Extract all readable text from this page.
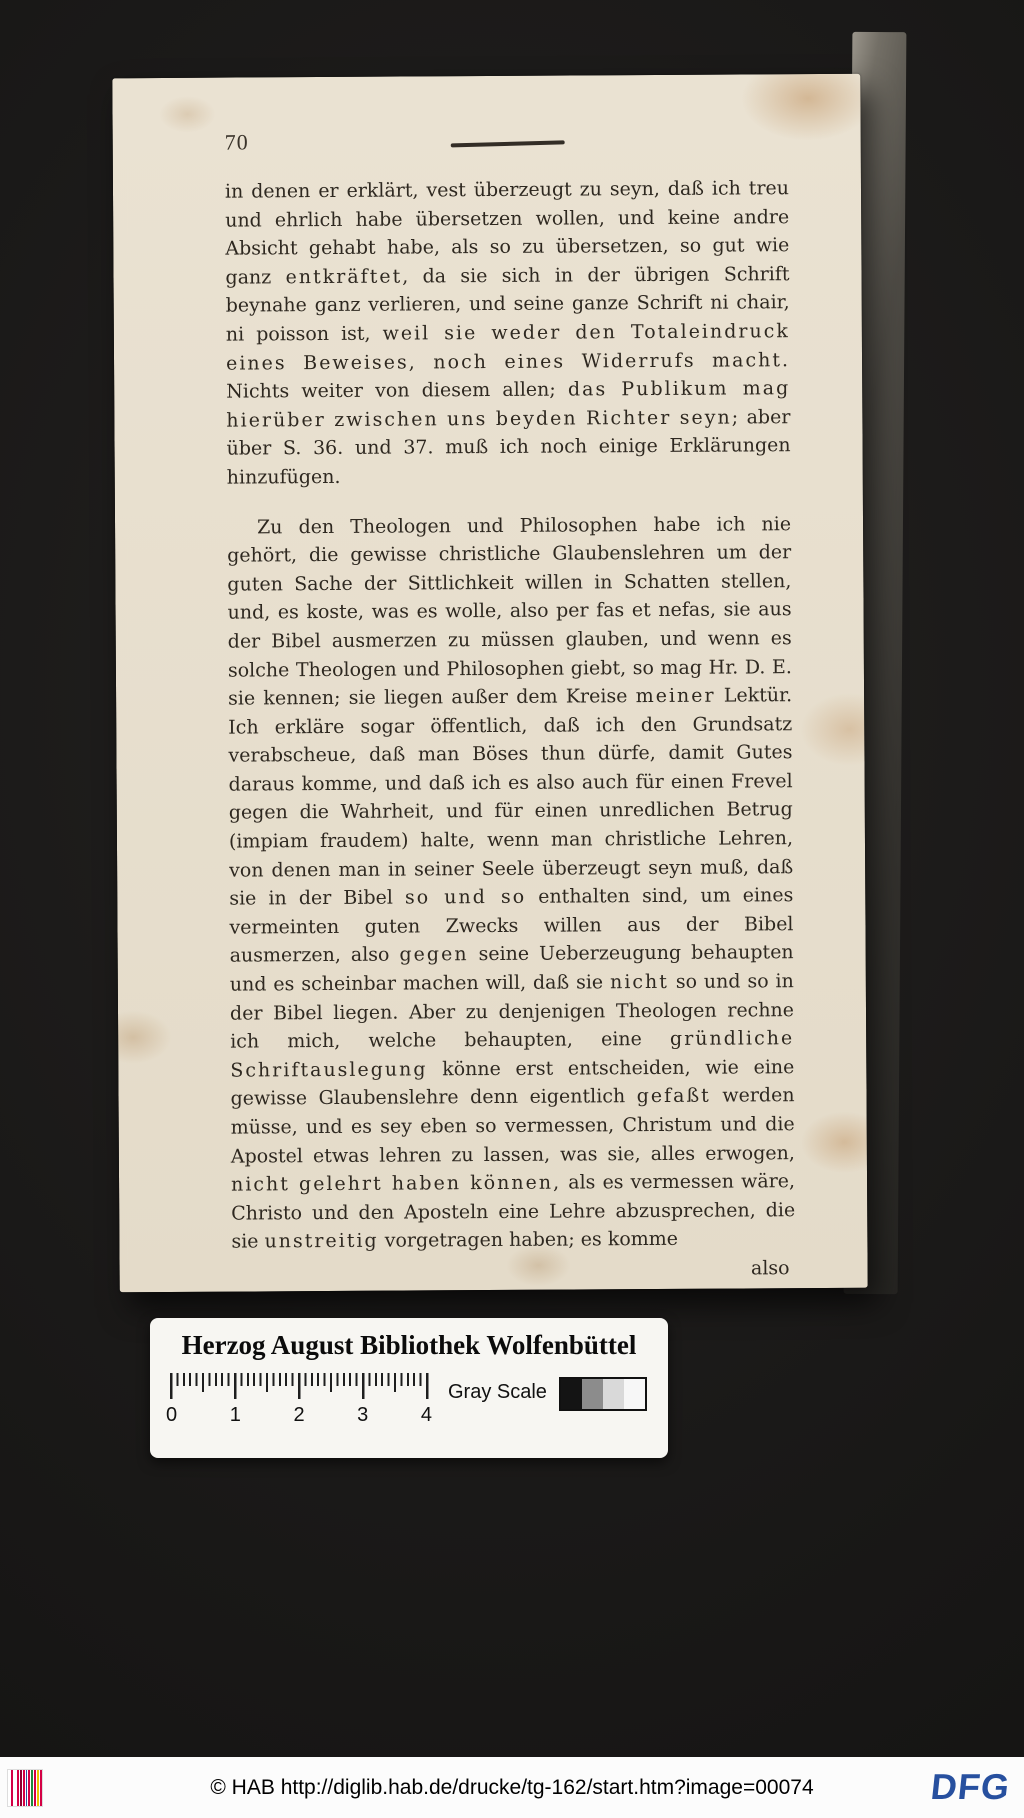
70

in denen er erklärt, vest überzeugt zu seyn, daß ich treu und ehrlich habe übersetzen wollen, und keine andre Absicht gehabt habe, als so zu übersetzen, so gut wie ganz entkräftet, da sie sich in der übrigen Schrift beynahe ganz verlieren, und seine ganze Schrift ni chair, ni poisson ist, weil sie weder den Totaleindruck eines Beweises, noch eines Widerrufs macht. Nichts weiter von diesem allen; das Publikum mag hierüber zwischen uns beyden Richter seyn; aber über S. 36. und 37. muß ich noch einige Erklärungen hinzufügen.

Zu den Theologen und Philosophen habe ich nie gehört, die gewisse christliche Glaubenslehren um der guten Sache der Sittlichkeit willen in Schatten stellen, und, es koste, was es wolle, also per fas et nefas, sie aus der Bibel ausmerzen zu müssen glauben, und wenn es solche Theologen und Philosophen giebt, so mag Hr. D. E. sie kennen; sie liegen außer dem Kreise meiner Lektür. Ich erkläre sogar öffentlich, daß ich den Grundsatz verabscheue, daß man Böses thun dürfe, damit Gutes daraus komme, und daß ich es also auch für einen Frevel gegen die Wahrheit, und für einen unredlichen Betrug (impiam fraudem) halte, wenn man christliche Lehren, von denen man in seiner Seele überzeugt seyn muß, daß sie in der Bibel so und so enthalten sind, um eines vermeinten guten Zwecks willen aus der Bibel ausmerzen, also gegen seine Ueberzeugung behaupten und es scheinbar machen will, daß sie nicht so und so in der Bibel liegen. Aber zu denjenigen Theologen rechne ich mich, welche behaupten, eine gründliche Schriftauslegung könne erst entscheiden, wie eine gewisse Glaubenslehre denn eigentlich gefaßt werden müsse, und es sey eben so vermessen, Christum und die Apostel etwas lehren zu lassen, was sie, alles erwogen, nicht gelehrt haben können, als es vermessen wäre, Christo und den Aposteln eine Lehre abzusprechen, die sie unstreitig vorgetragen haben; es komme

also
Herzog August Bibliothek Wolfenbüttel
0	1	2	3	4
Gray Scale
© HAB http://diglib.hab.de/drucke/tg-162/start.htm?image=00074	DFG
